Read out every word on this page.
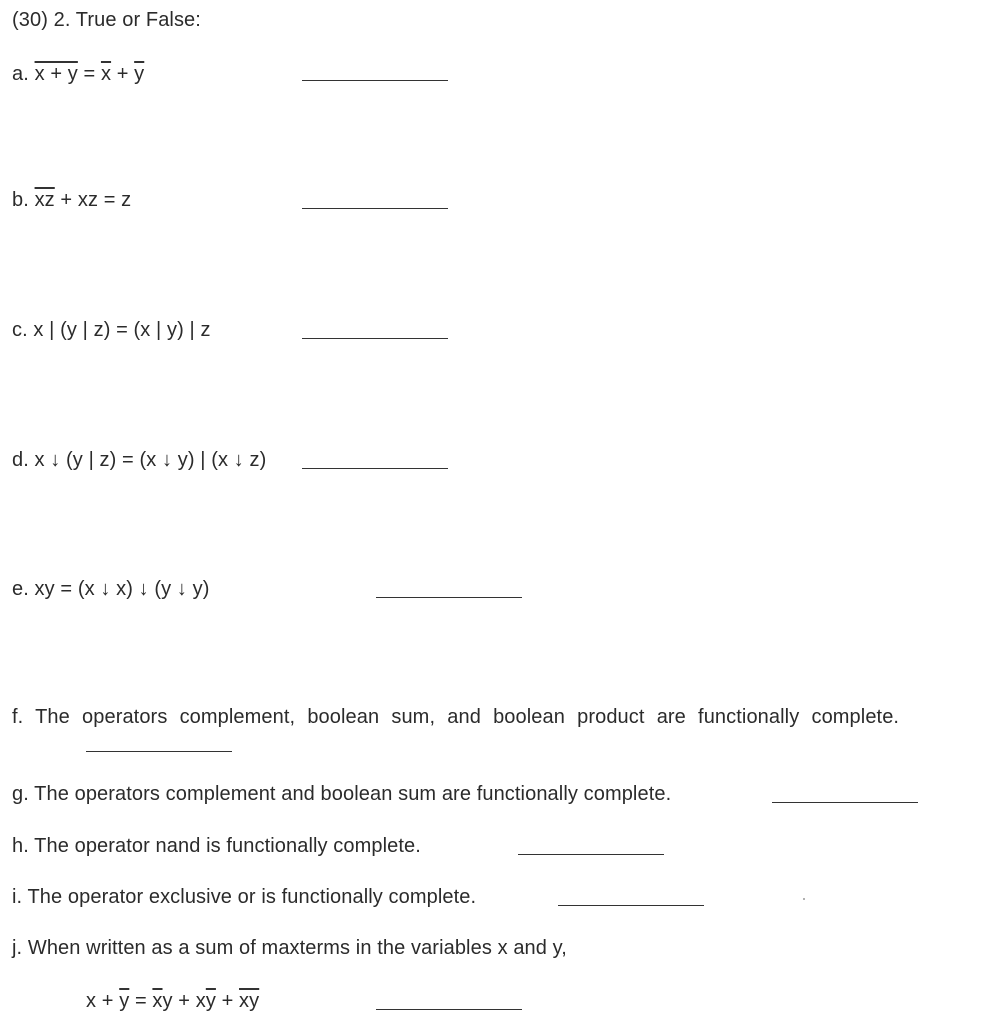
(30) 2. True or False:
a. $x + y = \overline{x} + \overline{y}$
b. $\overline{xz}$ + xz = z
c. x | (y | z) = (x | y) | z
d. x ↓ (y | z) = (x ↓ y) | (x ↓ z)
e. xy = (x ↓ x) ↓ (y ↓ y)
f. The operators complement, boolean sum, and boolean product are functionally complete.
g. The operators complement and boolean sum are functionally complete.
h. The operator nand is functionally complete.
i. The operator exclusive or is functionally complete.
j. When written as a sum of maxterms in the variables x and y,
$x + \overline{y} = \overline{x}y + x\overline{y} + \overline{xy}$
